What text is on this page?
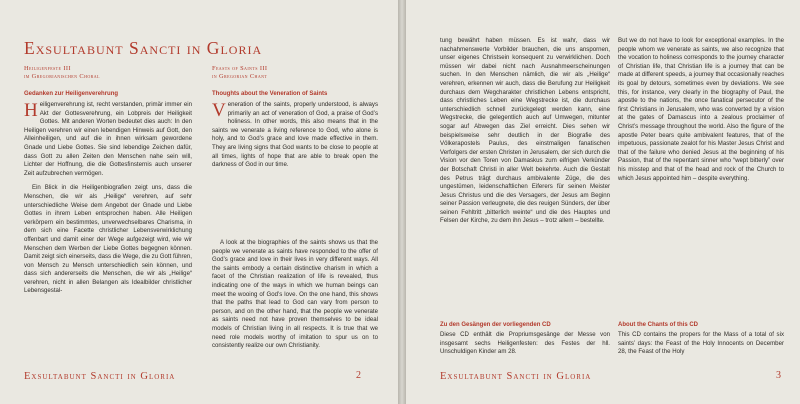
Exsultabunt Sancti in Gloria
Heiligenfeste III
im Gregorianischen Choral
Feasts of Saints III
in Gregorian Chant
Gedanken zur Heiligenverehrung	Thoughts about the Veneration of Saints

Heiligenverehrung ist, recht verstanden, primär immer ein Akt der Gottesverehrung, ein Lobpreis der Heiligkeit Gottes. Mit anderen Worten bedeutet dies auch: In den Heiligen verehren wir einen lebendigen Hinweis auf Gott, den Alleinheiligen, und auf die in ihnen wirksam gewordene Gnade und Liebe Gottes. Sie sind lebendige Zeichen dafür, dass Gott zu allen Zeiten den Menschen nahe sein will, Lichter der Hoffnung, die die Gottesfinsternis auch unserer Zeit aufzubrechen vermögen.

Ein Blick in die Heiligenbiografien zeigt uns, dass die Menschen, die wir als „Heilige“ verehren, auf sehr unterschiedliche Weise dem Angebot der Gnade und Liebe Gottes in ihrem Leben entsprochen haben. Alle Heiligen verkörpern ein bestimmtes, unverwechselbares Charisma, in dem sich eine Facette christlicher Lebensverwirklichung offenbart und damit einer der Wege aufgezeigt wird, wie wir Menschen dem Werben der Liebe Gottes begegnen können. Damit zeigt sich einerseits, dass die Wege, die zu Gott führen, von Mensch zu Mensch unterschiedlich sein können, und dass sich andererseits die Menschen, die wir als „Heilige“ verehren, nicht in allen Belangen als Idealbilder christlicher Lebensgestal-

Veneration of the saints, properly understood, is always primarily an act of veneration of God, a praise of God’s holiness. In other words, this also means that in the saints we venerate a living reference to God, who alone is holy, and to God’s grace and love made effective in them. They are living signs that God wants to be close to people at all times, lights of hope that are able to break open the darkness of God in our time.

A look at the biographies of the saints shows us that the people we venerate as saints have responded to the offer of God’s grace and love in their lives in very different ways. All the saints embody a certain distinctive charism in which a facet of the Christian realization of life is revealed, thus indicating one of the ways in which we human beings can meet the wooing of God’s love. On the one hand, this shows that the paths that lead to God can vary from person to person, and on the other hand, that the people we venerate as saints need not have proven themselves to be ideal models of Christian living in all respects. It is true that we need role models worthy of imitation to spur us on to consistently realize our own Christianity.

Exsultabunt Sancti in Gloria	2

tung bewährt haben müssen. Es ist wahr, dass wir nachahmenswerte Vorbilder brauchen, die uns anspornen, unser eigenes Christsein konsequent zu verwirklichen. Doch müssen wir dabei nicht nach Ausnahmeerscheinungen suchen. In den Menschen nämlich, die wir als „Heilige“ verehren, erkennen wir auch, dass die Berufung zur Heiligkeit durchaus dem Wegcharakter christlichen Lebens entspricht, dass christliches Leben eine Wegstrecke ist, die durchaus unterschiedlich schnell zurückgelegt werden kann, eine Wegstrecke, die gelegentlich auch auf Umwegen, mitunter sogar auf Abwegen das Ziel erreicht. Dies sehen wir beispielsweise sehr deutlich in der Biografie des Völkerapostels Paulus, des einstmaligen fanatischen Verfolgers der ersten Christen in Jerusalem, der sich durch die Vision vor den Toren von Damaskus zum eifrigen Verkünder der Botschaft Christi in aller Welt bekehrte. Auch die Gestalt des Petrus trägt durchaus ambivalente Züge, die des ungestümen, leidenschaftlichen Eiferers für seinen Meister Jesus Christus und die des Versagers, der Jesus am Beginn seiner Passion verleugnete, die des reuigen Sünders, der über seinen Fehltritt „bitterlich weinte“ und die des Hauptes und Felsen der Kirche, zu dem ihn Jesus – trotz allem – bestellte.

But we do not have to look for exceptional examples. In the people whom we venerate as saints, we also recognize that the vocation to holiness corresponds to the journey character of Christian life, that Christian life is a journey that can be made at different speeds, a journey that occasionally reaches its goal by detours, sometimes even by deviations. We see this, for instance, very clearly in the biography of Paul, the apostle to the nations, the once fanatical persecutor of the first Christians in Jerusalem, who was converted by a vision at the gates of Damascus into a zealous proclaimer of Christ’s message throughout the world. Also the figure of the apostle Peter bears quite ambivalent features, that of the impetuous, passionate zealot for his Master Jesus Christ and that of the failure who denied Jesus at the beginning of his Passion, that of the repentant sinner who “wept bitterly” over his misstep and that of the head and rock of the Church to which Jesus appointed him – despite everything.

Zu den Gesängen der vorliegenden CD	About the Chants of this CD

Diese CD enthält die Propriumsgesänge der Messe von insgesamt sechs Heiligenfesten: des Festes der hll. Unschuldigen Kinder am 28.

This CD contains the propers for the Mass of a total of six saints’ days: the Feast of the Holy Innocents on December 28, the Feast of the Holy

Exsultabunt Sancti in Gloria	3
